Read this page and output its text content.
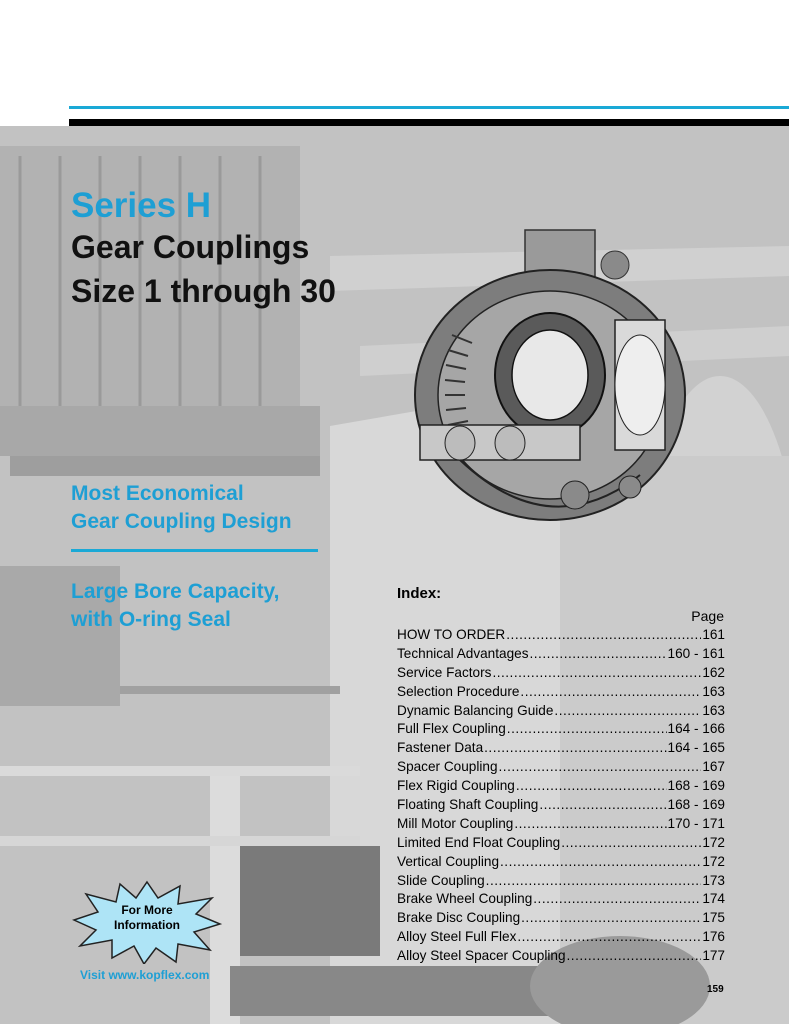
Series H
Gear Couplings
Size 1 through 30
Most Economical
Gear Coupling Design
Large Bore Capacity,
with O-ring Seal
Index:
Page
HOW TO ORDER .....	161
Technical Advantages .....	160 - 161
Service Factors .....	162
Selection Procedure .....	163
Dynamic Balancing Guide .....	163
Full Flex Coupling .....	164 - 166
Fastener Data .....	164 - 165
Spacer Coupling .....	167
Flex Rigid Coupling .....	168 - 169
Floating Shaft Coupling .....	168 - 169
Mill Motor Coupling .....	170 - 171
Limited End Float Coupling .....	172
Vertical Coupling .....	172
Slide Coupling .....	173
Brake Wheel Coupling .....	174
Brake Disc Coupling .....	175
Alloy Steel Full Flex .....	176
Alloy Steel Spacer Coupling .....	177
For More
Information
Visit www.kopflex.com
159
